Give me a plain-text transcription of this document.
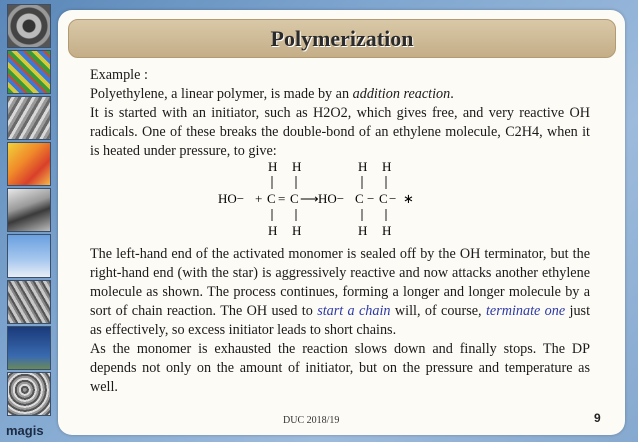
magis
Polymerization

Example :

Polyethylene, a linear polymer, is made by an addition reaction.

It is started with an initiator, such as H2O2, which gives free, and very reactive OH radicals. One of these breaks the double-bond of an ethylene molecule, C2H4, when it is heated under pressure, to give:

H H	H H
HO− + C = C ⟶ HO− C − C − ∗
H H	H H

The left-hand end of the activated monomer is sealed off by the OH terminator, but the right-hand end (with the star) is aggressively reactive and now attacks another ethylene molecule as shown. The process continues, forming a longer and longer molecule by a sort of chain reaction. The OH used to start a chain will, of course, terminate one just as effectively, so excess initiator leads to short chains.

As the monomer is exhausted the reaction slows down and finally stops. The DP depends not only on the amount of initiator, but on the pressure and temperature as well.

DUC 2018/19	9
